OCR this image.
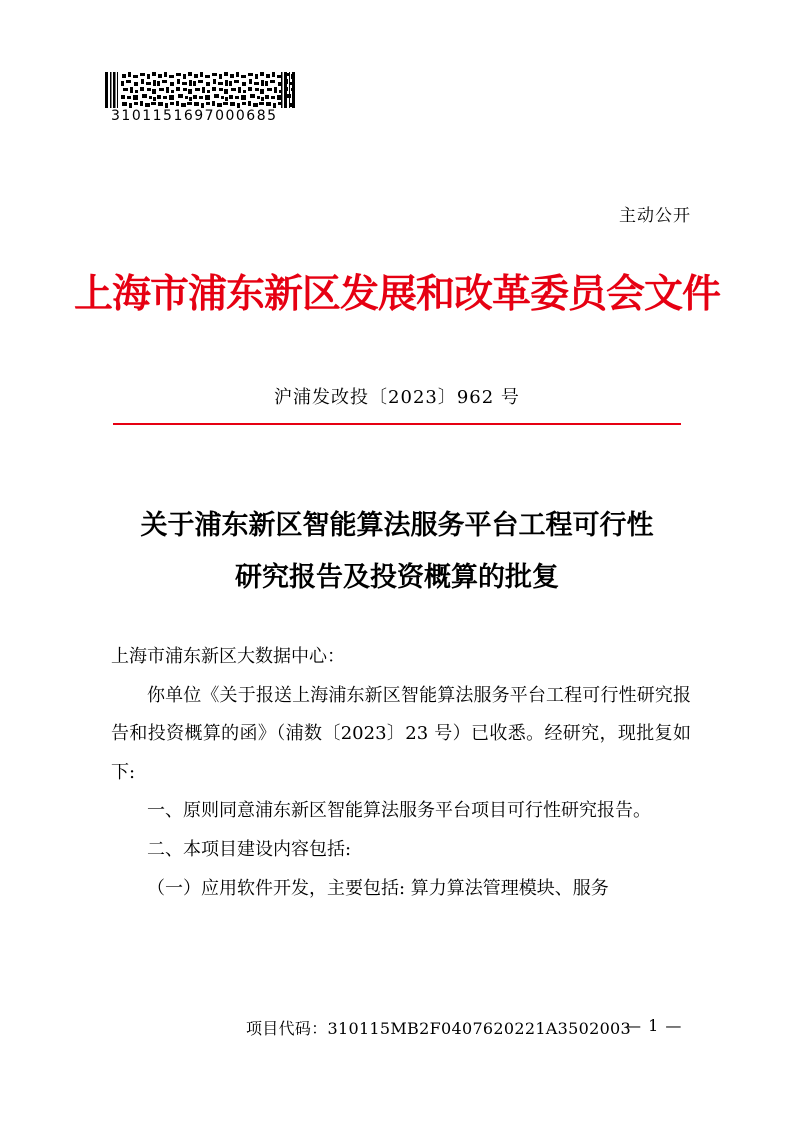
3101151697000685
主动公开
上海市浦东新区发展和改革委员会文件
沪浦发改投〔2023〕962 号
关于浦东新区智能算法服务平台工程可行性
研究报告及投资概算的批复

上海市浦东新区大数据中心：

你单位《关于报送上海浦东新区智能算法服务平台工程可行性研究报告和投资概算的函》（浦数〔2023〕23 号）已收悉。经研究，现批复如下:

一、原则同意浦东新区智能算法服务平台项目可行性研究报告。

二、本项目建设内容包括:

（一）应用软件开发，主要包括: 算力算法管理模块、服务

项目代码：310115MB2F0407620221A3502003
— 1 —
